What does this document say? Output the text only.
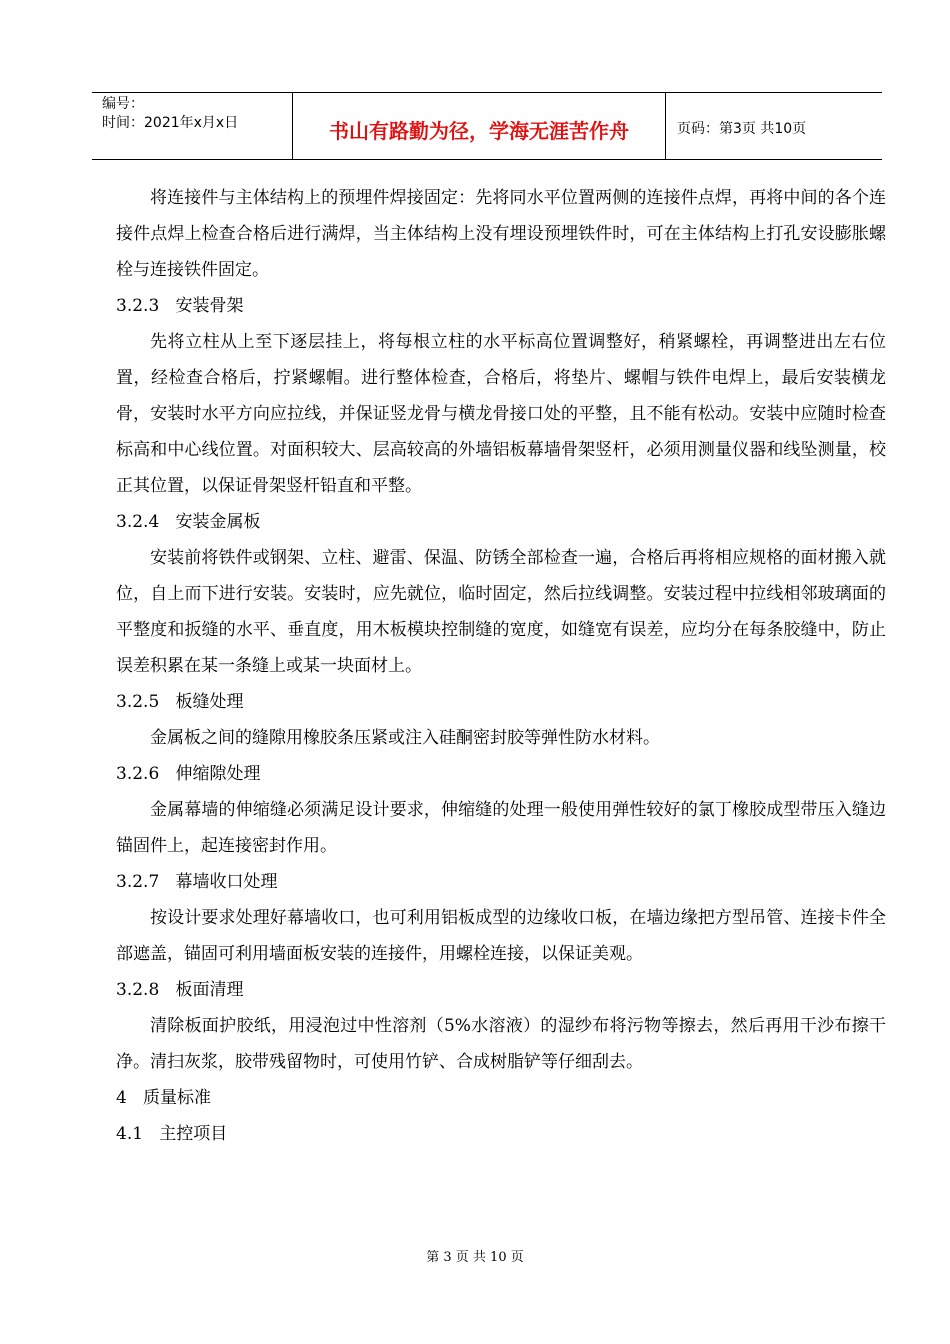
编号：
时间：2021年x月x日	书山有路勤为径，学海无涯苦作舟	页码：第3页 共10页

将连接件与主体结构上的预埋件焊接固定：先将同水平位置两侧的连接件点焊，再将中间的各个连接件点焊上检查合格后进行满焊，当主体结构上没有埋设预埋铁件时，可在主体结构上打孔安设膨胀螺栓与连接铁件固定。

3.2.3   安装骨架

先将立柱从上至下逐层挂上，将每根立柱的水平标高位置调整好，稍紧螺栓，再调整进出左右位置，经检查合格后，拧紧螺帽。进行整体检查，合格后，将垫片、螺帽与铁件电焊上，最后安装横龙骨，安装时水平方向应拉线，并保证竖龙骨与横龙骨接口处的平整，且不能有松动。安装中应随时检查标高和中心线位置。对面积较大、层高较高的外墙铝板幕墙骨架竖杆，必须用测量仪器和线坠测量，校正其位置，以保证骨架竖杆铅直和平整。

3.2.4   安装金属板

安装前将铁件或钢架、立柱、避雷、保温、防锈全部检查一遍，合格后再将相应规格的面材搬入就位，自上而下进行安装。安装时，应先就位，临时固定，然后拉线调整。安装过程中拉线相邻玻璃面的平整度和扳缝的水平、垂直度，用木板模块控制缝的宽度，如缝宽有误差，应均分在每条胶缝中，防止误差积累在某一条缝上或某一块面材上。

3.2.5   板缝处理

金属板之间的缝隙用橡胶条压紧或注入硅酮密封胶等弹性防水材料。

3.2.6   伸缩隙处理

金属幕墙的伸缩缝必须满足设计要求，伸缩缝的处理一般使用弹性较好的氯丁橡胶成型带压入缝边锚固件上，起连接密封作用。

3.2.7   幕墙收口处理

按设计要求处理好幕墙收口，也可利用铝板成型的边缘收口板，在墙边缘把方型吊管、连接卡件全部遮盖，锚固可利用墙面板安装的连接件，用螺栓连接，以保证美观。

3.2.8   板面清理

清除板面护胶纸，用浸泡过中性溶剂（5%水溶液）的湿纱布将污物等擦去，然后再用干沙布擦干净。清扫灰浆，胶带残留物时，可使用竹铲、合成树脂铲等仔细刮去。

4   质量标准

4.1   主控项目

第 3 页 共 10 页
